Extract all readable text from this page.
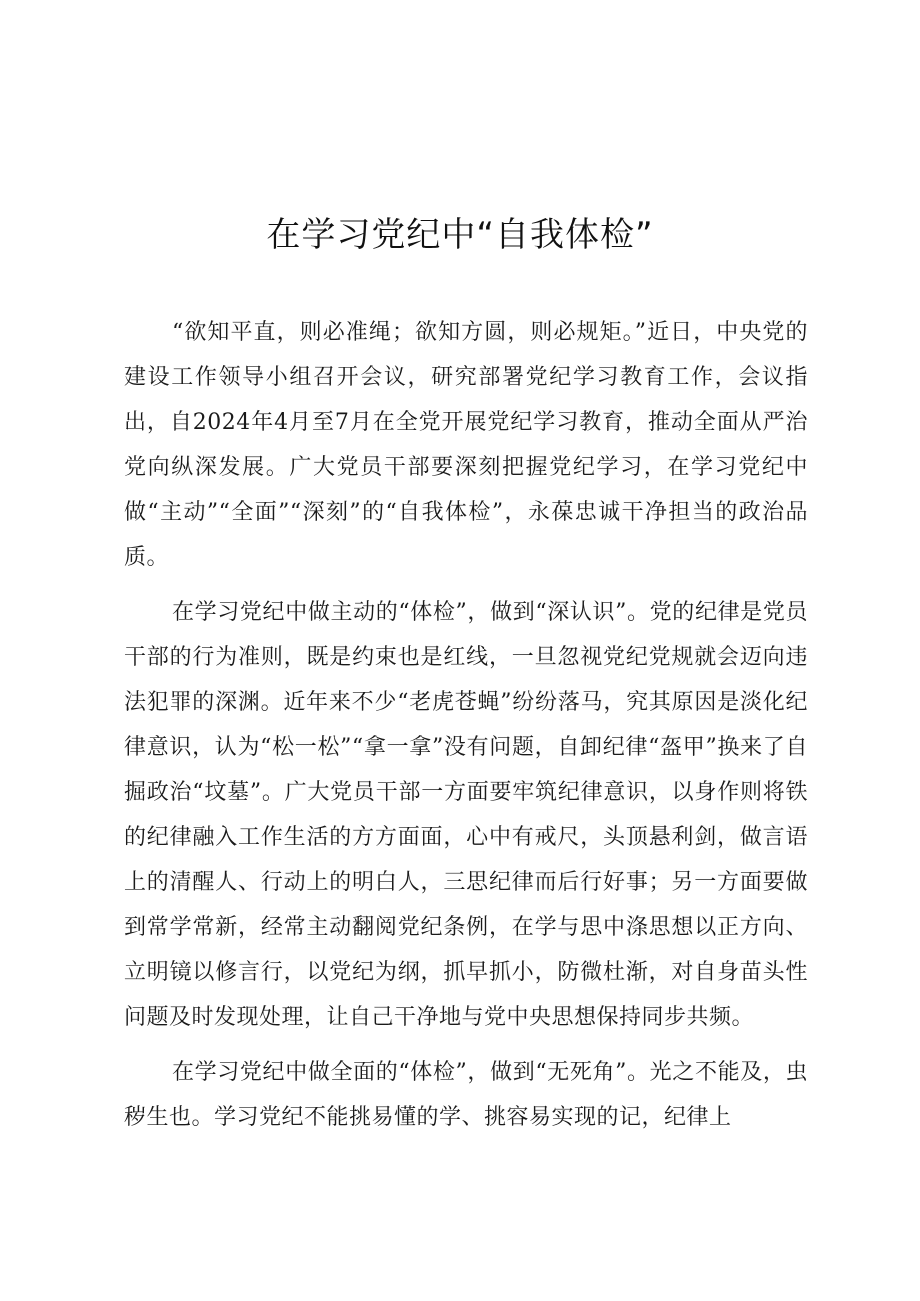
在学习党纪中“自我体检”

“欲知平直，则必准绳；欲知方圆，则必规矩。”近日，中央党的建设工作领导小组召开会议，研究部署党纪学习教育工作，会议指出，自2024年4月至7月在全党开展党纪学习教育，推动全面从严治党向纵深发展。广大党员干部要深刻把握党纪学习，在学习党纪中做“主动”“全面”“深刻”的“自我体检”，永葆忠诚干净担当的政治品质。

在学习党纪中做主动的“体检”，做到“深认识”。党的纪律是党员干部的行为准则，既是约束也是红线，一旦忽视党纪党规就会迈向违法犯罪的深渊。近年来不少“老虎苍蝇”纷纷落马，究其原因是淡化纪律意识，认为“松一松”“拿一拿”没有问题，自卸纪律“盔甲”换来了自掘政治“坟墓”。广大党员干部一方面要牢筑纪律意识，以身作则将铁的纪律融入工作生活的方方面面，心中有戒尺，头顶悬利剑，做言语上的清醒人、行动上的明白人，三思纪律而后行好事；另一方面要做到常学常新，经常主动翻阅党纪条例，在学与思中涤思想以正方向、立明镜以修言行，以党纪为纲，抓早抓小，防微杜渐，对自身苗头性问题及时发现处理，让自己干净地与党中央思想保持同步共频。

在学习党纪中做全面的“体检”，做到“无死角”。光之不能及，虫秽生也。学习党纪不能挑易懂的学、挑容易实现的记，纪律上
